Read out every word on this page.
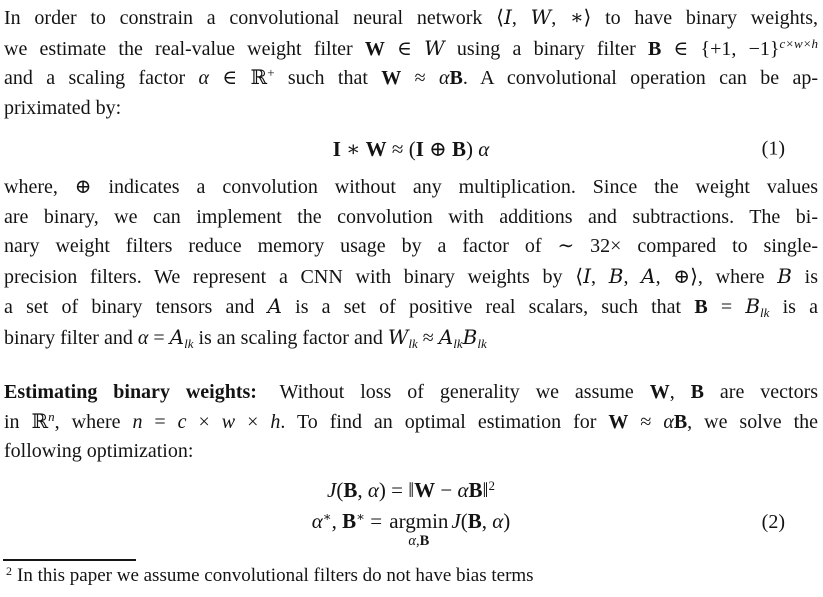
In order to constrain a convolutional neural network ⟨I, W, ∗⟩ to have binary weights,
we estimate the real-value weight filter W ∈ W using a binary filter B ∈ {+1, −1}$^{c\times w\times h}$
and a scaling factor α ∈ ℝ+ such that W ≈ αB. A convolutional operation can be ap-
priximated by:
I ∗ W ≈ (I ⊕ B) α	(1)
where, ⊕ indicates a convolution without any multiplication. Since the weight values
are binary, we can implement the convolution with additions and subtractions. The bi-
nary weight filters reduce memory usage by a factor of ∼ 32× compared to single-
precision filters. We represent a CNN with binary weights by ⟨I, B, A, ⊕⟩, where B is
a set of binary tensors and A is a set of positive real scalars, such that $B = B_{lk}$ is a
binary filter and $\alpha = A_{lk}$ is an scaling factor and $W_{lk} \approx A_{lk}B_{lk}$
Estimating binary weights: Without loss of generality we assume W, B are vectors
in ℝ$^n$, where n = c × w × h. To find an optimal estimation for W ≈ αB, we solve the
following optimization:
J(B, α) = ‖W − αB‖$^2$
α∗, B∗ = argmin
α,B
J(B, α)	(2)
$^2$ In this paper we assume convolutional filters do not have bias terms
